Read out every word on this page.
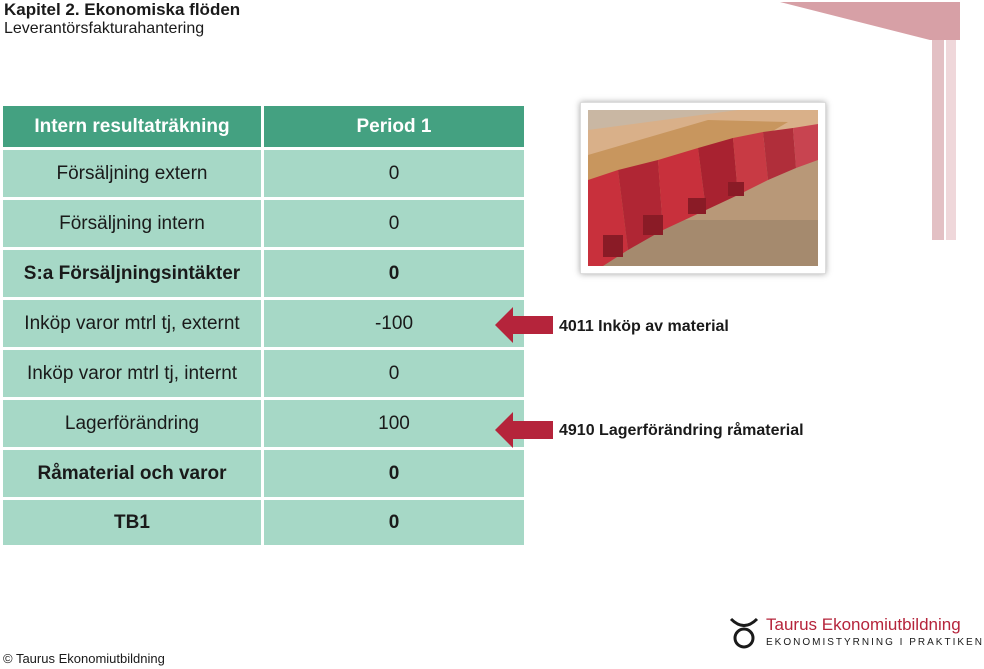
Kapitel 2. Ekonomiska flöden
Leverantörsfakturahantering
Intern resultaträkning	Period 1
Försäljning extern	0
Försäljning intern	0
S:a Försäljningsintäkter	0
Inköp varor mtrl tj, externt	-100
Inköp varor mtrl tj, internt	0
Lagerförändring	100
Råmaterial och varor	0
TB1	0
4011 Inköp av material
4910 Lagerförändring råmaterial
Taurus Ekonomiutbildning
EKONOMISTYRNING I PRAKTIKEN
© Taurus Ekonomiutbildning
